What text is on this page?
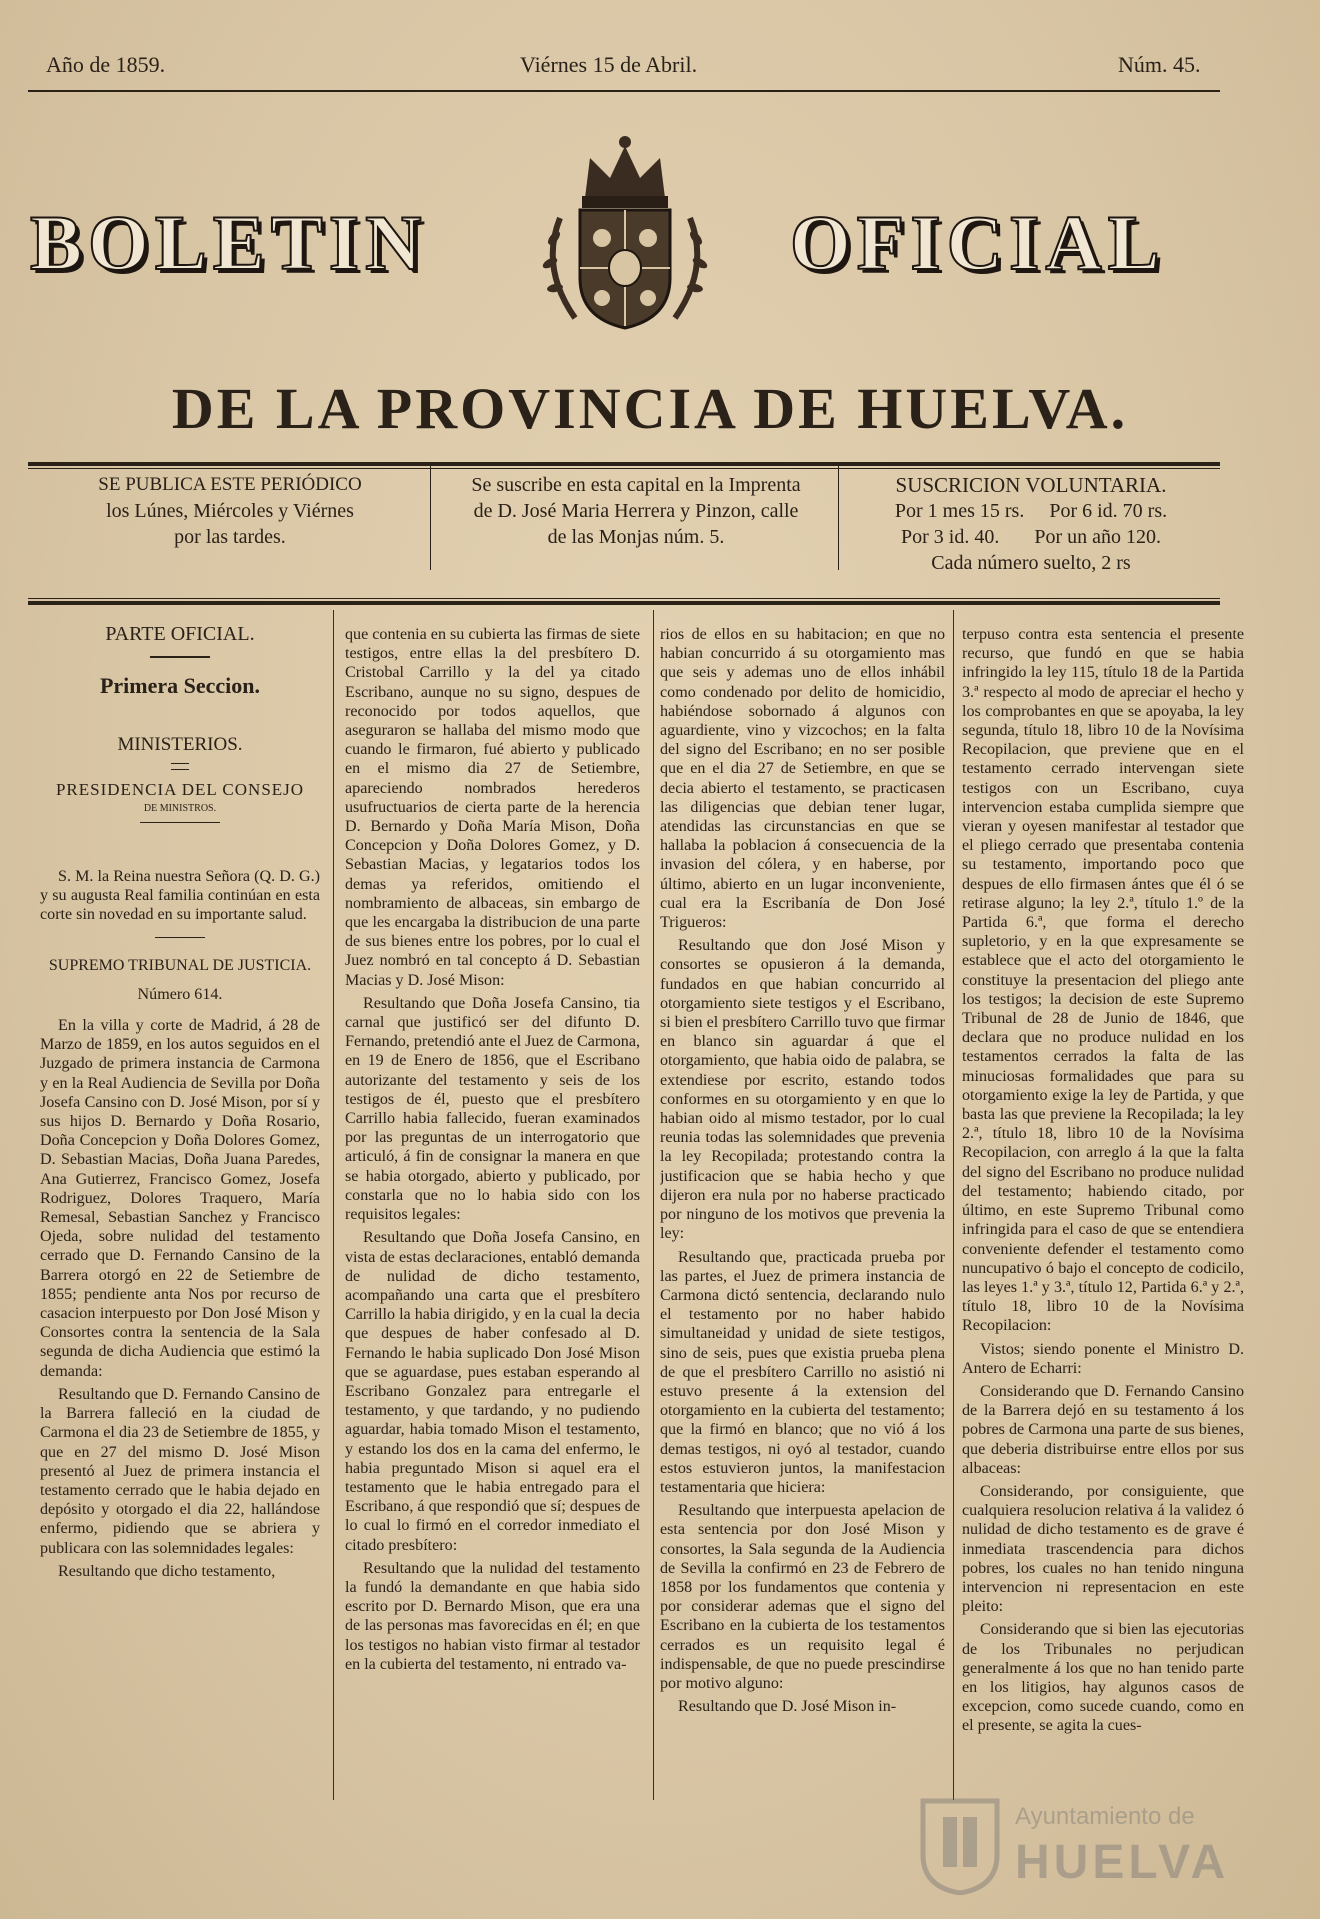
Año de 1859.	Viérnes 15 de Abril.	Núm. 45.
BOLETIN	OFICIAL
DE LA PROVINCIA DE HUELVA.
SE PUBLICA ESTE PERIÓDICO
los Lúnes, Miércoles y Viérnes
por las tardes.
Se suscribe en esta capital en la Imprenta
de D. José Maria Herrera y Pinzon, calle
de las Monjas núm. 5.
SUSCRICION VOLUNTARIA.
Por 1 mes 15 rs.     Por 6 id. 70 rs.
Por 3 id. 40.       Por un año 120.
Cada número suelto, 2 rs

PARTE OFICIAL.

Primera Seccion.

MINISTERIOS.

PRESIDENCIA DEL CONSEJO

DE MINISTROS.

S. M. la Reina nuestra Señora (Q. D. G.) y su augusta Real familia continúan en esta corte sin novedad en su importante salud.

SUPREMO TRIBUNAL DE JUSTICIA.

Número 614.

En la villa y corte de Madrid, á 28 de Marzo de 1859, en los autos seguidos en el Juzgado de primera instancia de Carmona y en la Real Audiencia de Sevilla por Doña Josefa Cansino con D. José Mison, por sí y sus hijos D. Bernardo y Doña Rosario, Doña Concepcion y Doña Dolores Gomez, D. Sebastian Macias, Doña Juana Paredes, Ana Gutierrez, Francisco Gomez, Josefa Rodriguez, Dolores Traquero, María Remesal, Sebastian Sanchez y Francisco Ojeda, sobre nulidad del testamento cerrado que D. Fernando Cansino de la Barrera otorgó en 22 de Setiembre de 1855; pendiente anta Nos por recurso de casacion interpuesto por Don José Mison y Consortes contra la sentencia de la Sala segunda de dicha Audiencia que estimó la demanda:

Resultando que D. Fernando Cansino de la Barrera falleció en la ciudad de Carmona el dia 23 de Setiembre de 1855, y que en 27 del mismo D. José Mison presentó al Juez de primera instancia el testamento cerrado que le habia dejado en depósito y otorgado el dia 22, hallándose enfermo, pidiendo que se abriera y publicara con las solemnidades legales:

Resultando que dicho testamento,

que contenia en su cubierta las firmas de siete testigos, entre ellas la del presbítero D. Cristobal Carrillo y la del ya citado Escribano, aunque no su signo, despues de reconocido por todos aquellos, que aseguraron se hallaba del mismo modo que cuando le firmaron, fué abierto y publicado en el mismo dia 27 de Setiembre, apareciendo nombrados herederos usufructuarios de cierta parte de la herencia D. Bernardo y Doña María Mison, Doña Concepcion y Doña Dolores Gomez, y D. Sebastian Macias, y legatarios todos los demas ya referidos, omitiendo el nombramiento de albaceas, sin embargo de que les encargaba la distribucion de una parte de sus bienes entre los pobres, por lo cual el Juez nombró en tal concepto á D. Sebastian Macias y D. José Mison:

Resultando que Doña Josefa Cansino, tia carnal que justificó ser del difunto D. Fernando, pretendió ante el Juez de Carmona, en 19 de Enero de 1856, que el Escribano autorizante del testamento y seis de los testigos de él, puesto que el presbítero Carrillo habia fallecido, fueran examinados por las preguntas de un interrogatorio que articuló, á fin de consignar la manera en que se habia otorgado, abierto y publicado, por constarla que no lo habia sido con los requisitos legales:

Resultando que Doña Josefa Cansino, en vista de estas declaraciones, entabló demanda de nulidad de dicho testamento, acompañando una carta que el presbítero Carrillo la habia dirigido, y en la cual la decia que despues de haber confesado al D. Fernando le habia suplicado Don José Mison que se aguardase, pues estaban esperando al Escribano Gonzalez para entregarle el testamento, y que tardando, y no pudiendo aguardar, habia tomado Mison el testamento, y estando los dos en la cama del enfermo, le habia preguntado Mison si aquel era el testamento que le habia entregado para el Escribano, á que respondió que sí; despues de lo cual lo firmó en el corredor inmediato el citado presbítero:

Resultando que la nulidad del testamento la fundó la demandante en que habia sido escrito por D. Bernardo Mison, que era una de las personas mas favorecidas en él; en que los testigos no habian visto firmar al testador en la cubierta del testamento, ni entrado va-

rios de ellos en su habitacion; en que no habian concurrido á su otorgamiento mas que seis y ademas uno de ellos inhábil como condenado por delito de homicidio, habiéndose sobornado á algunos con aguardiente, vino y vizcochos; en la falta del signo del Escribano; en no ser posible que en el dia 27 de Setiembre, en que se decia abierto el testamento, se practicasen las diligencias que debian tener lugar, atendidas las circunstancias en que se hallaba la poblacion á consecuencia de la invasion del cólera, y en haberse, por último, abierto en un lugar inconveniente, cual era la Escribanía de Don José Trigueros:

Resultando que don José Mison y consortes se opusieron á la demanda, fundados en que habian concurrido al otorgamiento siete testigos y el Escribano, si bien el presbítero Carrillo tuvo que firmar en blanco sin aguardar á que el otorgamiento, que habia oido de palabra, se extendiese por escrito, estando todos conformes en su otorgamiento y en que lo habian oido al mismo testador, por lo cual reunia todas las solemnidades que prevenia la ley Recopilada; protestando contra la justificacion que se habia hecho y que dijeron era nula por no haberse practicado por ninguno de los motivos que prevenia la ley:

Resultando que, practicada prueba por las partes, el Juez de primera instancia de Carmona dictó sentencia, declarando nulo el testamento por no haber habido simultaneidad y unidad de siete testigos, sino de seis, pues que existia prueba plena de que el presbítero Carrillo no asistió ni estuvo presente á la extension del otorgamiento en la cubierta del testamento; que la firmó en blanco; que no vió á los demas testigos, ni oyó al testador, cuando estos estuvieron juntos, la manifestacion testamentaria que hiciera:

Resultando que interpuesta apelacion de esta sentencia por don José Mison y consortes, la Sala segunda de la Audiencia de Sevilla la confirmó en 23 de Febrero de 1858 por los fundamentos que contenia y por considerar ademas que el signo del Escribano en la cubierta de los testamentos cerrados es un requisito legal é indispensable, de que no puede prescindirse por motivo alguno:

Resultando que D. José Mison in-

terpuso contra esta sentencia el presente recurso, que fundó en que se habia infringido la ley 115, título 18 de la Partida 3.ª respecto al modo de apreciar el hecho y los comprobantes en que se apoyaba, la ley segunda, título 18, libro 10 de la Novísima Recopilacion, que previene que en el testamento cerrado intervengan siete testigos con un Escribano, cuya intervencion estaba cumplida siempre que vieran y oyesen manifestar al testador que el pliego cerrado que presentaba contenia su testamento, importando poco que despues de ello firmasen ántes que él ó se retirase alguno; la ley 2.ª, título 1.º de la Partida 6.ª, que forma el derecho supletorio, y en la que expresamente se establece que el acto del otorgamiento le constituye la presentacion del pliego ante los testigos; la decision de este Supremo Tribunal de 28 de Junio de 1846, que declara que no produce nulidad en los testamentos cerrados la falta de las minuciosas formalidades que para su otorgamiento exige la ley de Partida, y que basta las que previene la Recopilada; la ley 2.ª, título 18, libro 10 de la Novísima Recopilacion, con arreglo á la que la falta del signo del Escribano no produce nulidad del testamento; habiendo citado, por último, en este Supremo Tribunal como infringida para el caso de que se entendiera conveniente defender el testamento como nuncupativo ó bajo el concepto de codicilo, las leyes 1.ª y 3.ª, título 12, Partida 6.ª y 2.ª, título 18, libro 10 de la Novísima Recopilacion:

Vistos; siendo ponente el Ministro D. Antero de Echarri:

Considerando que D. Fernando Cansino de la Barrera dejó en su testamento á los pobres de Carmona una parte de sus bienes, que deberia distribuirse entre ellos por sus albaceas:

Considerando, por consiguiente, que cualquiera resolucion relativa á la validez ó nulidad de dicho testamento es de grave é inmediata trascendencia para dichos pobres, los cuales no han tenido ninguna intervencion ni representacion en este pleito:

Considerando que si bien las ejecutorias de los Tribunales no perjudican generalmente á los que no han tenido parte en los litigios, hay algunos casos de excepcion, como sucede cuando, como en el presente, se agita la cues-

Ayuntamiento de
HUELVA
